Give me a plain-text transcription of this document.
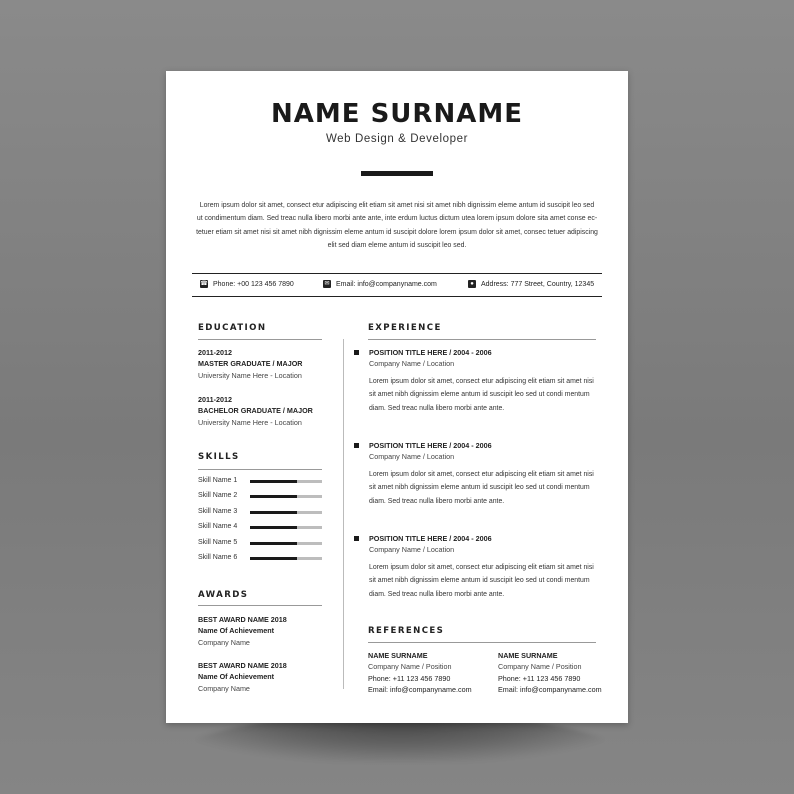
NAME SURNAME
Web Design & Developer
Lorem ipsum dolor sit amet, consect etur adipiscing elit etiam sit amet nisi sit amet nibh dignissim eleme antum id suscipit leo sed ut condimentum diam. Sed treac nulla libero morbi ante ante, inte erdum luctus dictum utea lorem ipsum dolore sita amet conse ec-tetuer etiam sit amet nisi sit amet nibh dignissim eleme antum id suscipit dolore lorem ipsum dolor sit amet, consec tetuer adipiscing elit sed diam eleme antum id suscipit leo sed.
☎ Phone: +00 123 456 7890	✉ Email: info@companyname.com	●	Address: 777 Street, Country, 12345
EDUCATION
2011-2012
MASTER GRADUATE / MAJOR
University Name Here - Location
2011-2012
BACHELOR GRADUATE / MAJOR
University Name Here - Location
SKILLS
Skill Name 1
Skill Name 2
Skill Name 3
Skill Name 4
Skill Name 5
Skill Name 6
AWARDS
BEST AWARD NAME 2018
Name Of Achievement
Company Name
BEST AWARD NAME 2018
Name Of Achievement
Company Name
EXPERIENCE
POSITION TITLE HERE / 2004 - 2006
Company Name / Location
Lorem ipsum dolor sit amet, consect etur adipiscing elit etiam sit amet nisi sit amet nibh dignissim eleme antum id suscipit leo sed ut condi mentum diam. Sed treac nulla libero morbi ante ante.
POSITION TITLE HERE / 2004 - 2006
Company Name / Location
Lorem ipsum dolor sit amet, consect etur adipiscing elit etiam sit amet nisi sit amet nibh dignissim eleme antum id suscipit leo sed ut condi mentum diam. Sed treac nulla libero morbi ante ante.
POSITION TITLE HERE / 2004 - 2006
Company Name / Location
Lorem ipsum dolor sit amet, consect etur adipiscing elit etiam sit amet nisi sit amet nibh dignissim eleme antum id suscipit leo sed ut condi mentum diam. Sed treac nulla libero morbi ante ante.
REFERENCES
NAME SURNAME
Company Name / Position
Phone: +11 123 456 7890
Email: info@companyname.com
NAME SURNAME
Company Name / Position
Phone: +11 123 456 7890
Email: info@companyname.com
